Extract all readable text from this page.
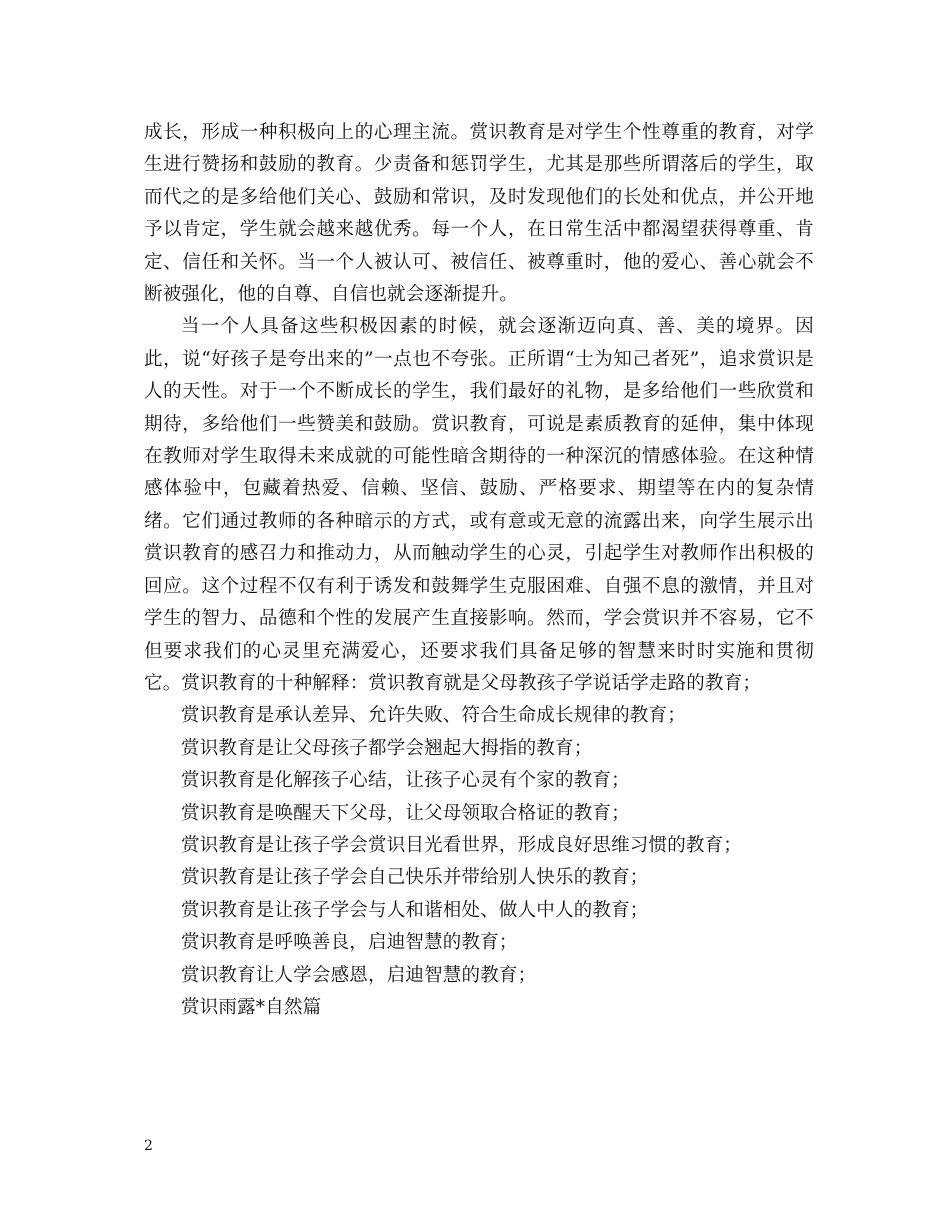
成长，形成一种积极向上的心理主流。赏识教育是对学生个性尊重的教育，对学生进行赞扬和鼓励的教育。少责备和惩罚学生，尤其是那些所谓落后的学生，取而代之的是多给他们关心、鼓励和常识，及时发现他们的长处和优点，并公开地予以肯定，学生就会越来越优秀。每一个人，在日常生活中都渴望获得尊重、肯定、信任和关怀。当一个人被认可、被信任、被尊重时，他的爱心、善心就会不断被强化，他的自尊、自信也就会逐渐提升。

当一个人具备这些积极因素的时候，就会逐渐迈向真、善、美的境界。因此，说“好孩子是夸出来的”一点也不夸张。正所谓“士为知己者死”，追求赏识是人的天性。对于一个不断成长的学生，我们最好的礼物，是多给他们一些欣赏和期待，多给他们一些赞美和鼓励。赏识教育，可说是素质教育的延伸，集中体现在教师对学生取得未来成就的可能性暗含期待的一种深沉的情感体验。在这种情感体验中，包藏着热爱、信赖、坚信、鼓励、严格要求、期望等在内的复杂情绪。它们通过教师的各种暗示的方式，或有意或无意的流露出来，向学生展示出赏识教育的感召力和推动力，从而触动学生的心灵，引起学生对教师作出积极的回应。这个过程不仅有利于诱发和鼓舞学生克服困难、自强不息的激情，并且对学生的智力、品德和个性的发展产生直接影响。然而，学会赏识并不容易，它不但要求我们的心灵里充满爱心，还要求我们具备足够的智慧来时时实施和贯彻它。赏识教育的十种解释：赏识教育就是父母教孩子学说话学走路的教育；

赏识教育是承认差异、允许失败、符合生命成长规律的教育；

赏识教育是让父母孩子都学会翘起大拇指的教育；

赏识教育是化解孩子心结，让孩子心灵有个家的教育；

赏识教育是唤醒天下父母，让父母领取合格证的教育；

赏识教育是让孩子学会赏识目光看世界，形成良好思维习惯的教育；

赏识教育是让孩子学会自己快乐并带给别人快乐的教育；

赏识教育是让孩子学会与人和谐相处、做人中人的教育；

赏识教育是呼唤善良，启迪智慧的教育；

赏识教育让人学会感恩，启迪智慧的教育；

赏识雨露*自然篇

2
